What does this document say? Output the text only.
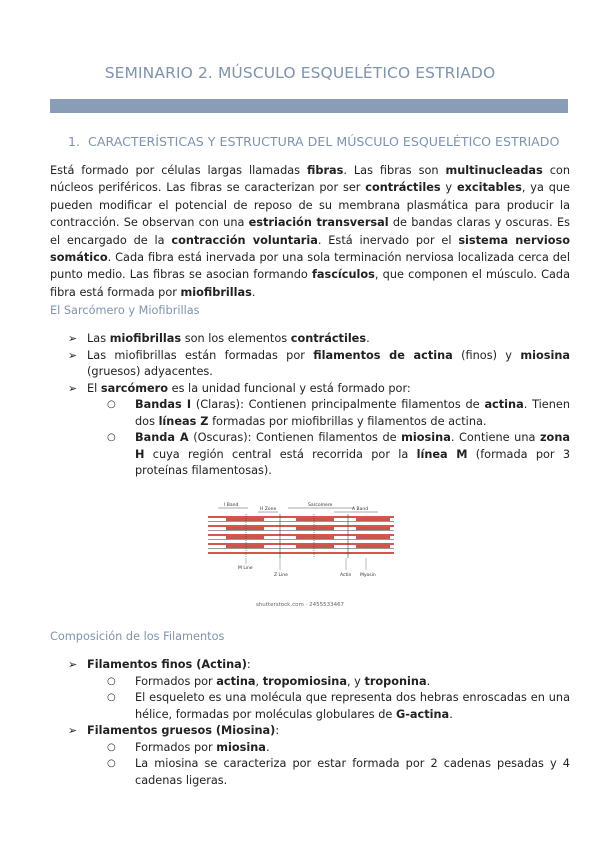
SEMINARIO 2. MÚSCULO ESQUELÉTICO ESTRIADO
1. CARACTERÍSTICAS Y ESTRUCTURA DEL MÚSCULO ESQUELÉTICO ESTRIADO
Está formado por células largas llamadas fibras. Las fibras son multinucleadas con núcleos periféricos. Las fibras se caracterizan por ser contráctiles y excitables, ya que pueden modificar el potencial de reposo de su membrana plasmática para producir la contracción. Se observan con una estriación transversal de bandas claras y oscuras. Es el encargado de la contracción voluntaria. Está inervado por el sistema nervioso somático. Cada fibra está inervada por una sola terminación nerviosa localizada cerca del punto medio. Las fibras se asocian formando fascículos, que componen el músculo. Cada fibra está formada por miofibrillas.
El Sarcómero y Miofibrillas
➢ Las miofibrillas son los elementos contráctiles.
➢ Las miofibrillas están formadas por filamentos de actina (finos) y miosina (gruesos) adyacentes.
➢ El sarcómero es la unidad funcional y está formado por:
○ Bandas I (Claras): Contienen principalmente filamentos de actina. Tienen dos líneas Z formadas por miofibrillas y filamentos de actina.
○ Banda A (Oscuras): Contienen filamentos de miosina. Contiene una zona H cuya región central está recorrida por la línea M (formada por 3 proteínas filamentosas).
I Band
H Zone
Sarcomere
A Band
M Line
Z Line	Actin Myosin
shutterstock.com · 2455533467
Composición de los Filamentos
➢ Filamentos finos (Actina):
○ Formados por actina, tropomiosina, y troponina.
○ El esqueleto es una molécula que representa dos hebras enroscadas en una hélice, formadas por moléculas globulares de G-actina.
➢ Filamentos gruesos (Miosina):
○ Formados por miosina.
○ La miosina se caracteriza por estar formada por 2 cadenas pesadas y 4 cadenas ligeras.
